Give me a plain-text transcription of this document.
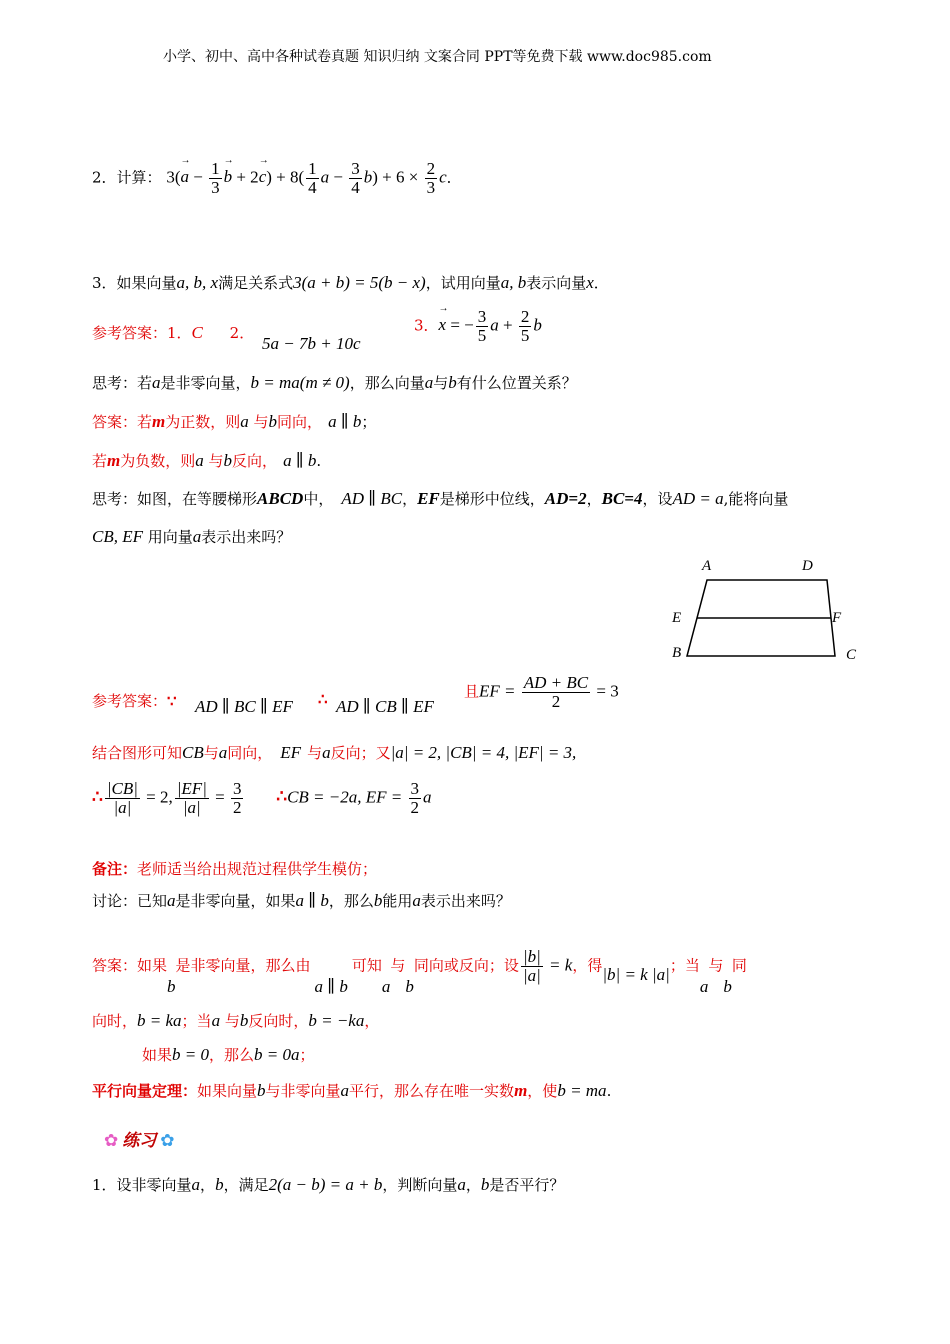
小学、初中、高中各种试卷真题 知识归纳 文案合同 PPT等免费下载 www.doc985.com
2．计算： $3(\to a - \frac{1}{3}$
→ $b + 2\to c) + 8( \frac{1}{4}$ $a - \frac{3}{4} b) + 6 \times \frac{2}{3}$ c．
3．如果向量a, b, x满足关系式3(a + b) = 5(b − x)，试用向量a, b表示向量x．
参考答案：1．C 2．
5a − 7b + 10c
3．→ x = − $\frac{3}{5}$ $a + \frac{2}{5}$ b
思考：若a是非零向量，b = ma(m ≠ 0)，那么向量a与b有什么位置关系？
答案：若m为正数，则a 与b同向， a ∥ b；
若m为负数，则a 与b反向， a ∥ b.
思考：如图，在等腰梯形ABCD中， AD ∥ BC，EF是梯形中位线，AD=2，BC=4，设AD = a,能将向量
CB, EF 用向量a表示出来吗？
A	D
E	F
B	C
参考答案：∵ AD ∥ BC ∥ EF ∴ AD ∥ CB ∥ EF
且EF = $\frac{AD + BC}{2} = 3$
结合图形可知CB与a同向， EF 与a反向；又|a| = 2, |CB| = 4, |EF| = 3,
∴ $\frac{|CB|}{|a|} = 2$, $\frac{|EF|}{|a|} = \frac{3}{2}$ ∴CB = −2a, EF = $\frac{3}{2}$ a
备注：老师适当给出规范过程供学生模仿；
讨论：已知a是非零向量，如果a ∥ b，那么b能用a表示出来吗？
答案：如果b是非零向量，那么由a ∥ b可知a与b同向或反向；设 $\frac{|b|}{|a|} = k$，得|b| = k |a|；当a与b同
向时，b = ka；当a 与b反向时，b = −ka，
如果b = 0，那么b = 0a；
平行向量定理：如果向量b与非零向量a平行，那么存在唯一实数m，使b = ma.
✿ 练习 ✿
1．设非零向量a，b，满足2(a − b) = a + b，判断向量a，b是否平行？
